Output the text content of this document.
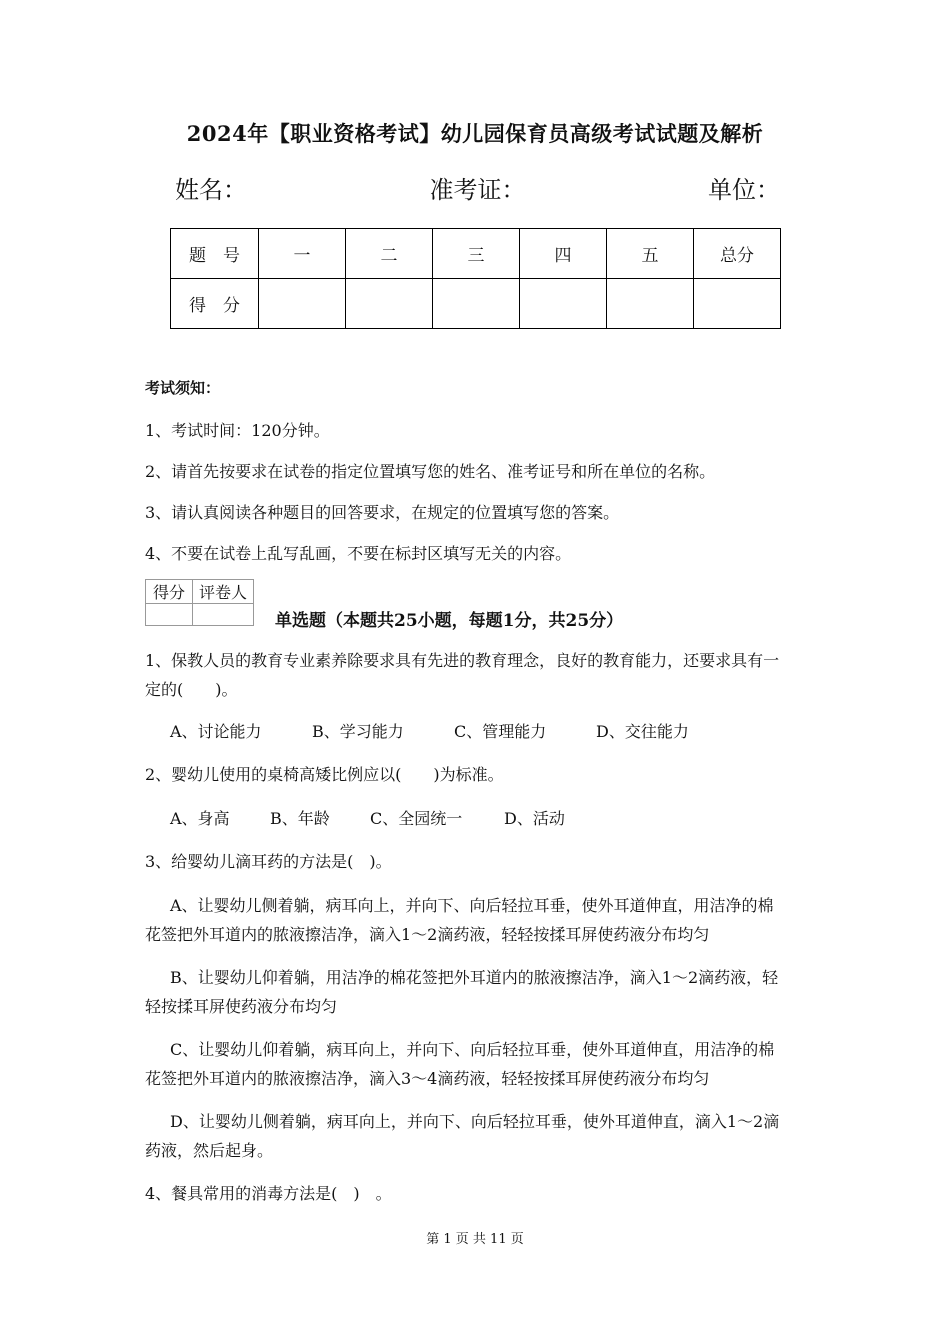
2024年【职业资格考试】幼儿园保育员高级考试试题及解析
姓名：	准考证：	单位：
题　号	一	二	三	四	五	总分
得　分						
考试须知：
1、考试时间：120分钟。
2、请首先按要求在试卷的指定位置填写您的姓名、准考证号和所在单位的名称。
3、请认真阅读各种题目的回答要求，在规定的位置填写您的答案。
4、不要在试卷上乱写乱画，不要在标封区填写无关的内容。
得分	评卷人

单选题（本题共25小题，每题1分，共25分）
1、保教人员的教育专业素养除要求具有先进的教育理念，良好的教育能力，还要求具有一
定的(　　)。
A、讨论能力	B、学习能力	C、管理能力	D、交往能力
2、婴幼儿使用的桌椅高矮比例应以(　　)为标准。
A、身高	B、年龄	C、全园统一	D、活动
3、给婴幼儿滴耳药的方法是(　)。
A、让婴幼儿侧着躺，病耳向上，并向下、向后轻拉耳垂，使外耳道伸直，用洁净的棉
花签把外耳道内的脓液擦洁净，滴入1～2滴药液，轻轻按揉耳屏使药液分布均匀
B、让婴幼儿仰着躺，用洁净的棉花签把外耳道内的脓液擦洁净，滴入1～2滴药液，轻
轻按揉耳屏使药液分布均匀
C、让婴幼儿仰着躺，病耳向上，并向下、向后轻拉耳垂，使外耳道伸直，用洁净的棉
花签把外耳道内的脓液擦洁净，滴入3～4滴药液，轻轻按揉耳屏使药液分布均匀
D、让婴幼儿侧着躺，病耳向上，并向下、向后轻拉耳垂，使外耳道伸直，滴入1～2滴
药液，然后起身。
4、餐具常用的消毒方法是(　)　。
第 1 页 共 11 页
